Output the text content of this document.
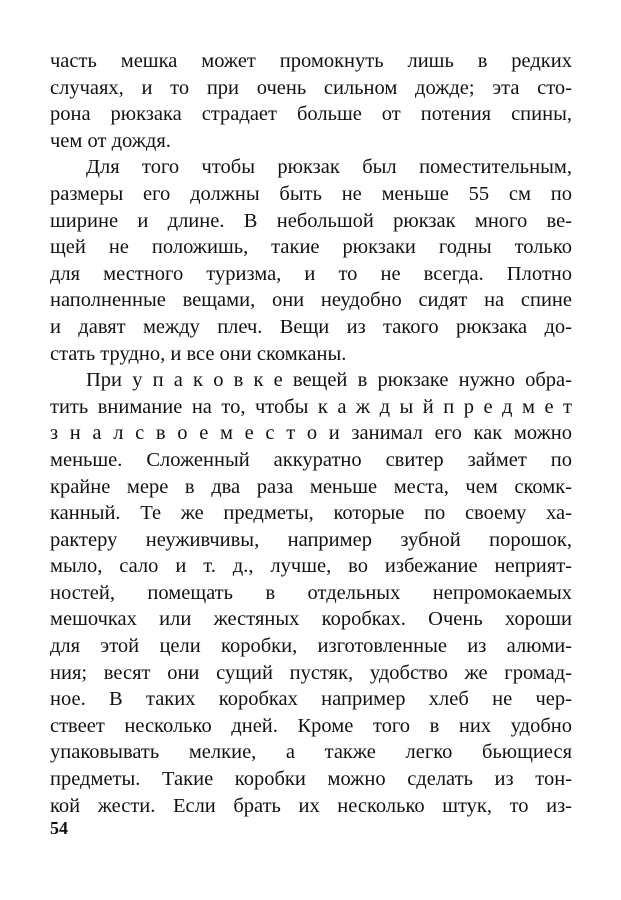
часть мешка может промокнуть лишь в редких
случаях, и то при очень сильном дожде; эта сто-
рона рюкзака страдает больше от потения спины,
чем от дождя.
Для того чтобы рюкзак был поместительным,
размеры его должны быть не меньше 55 см по
ширине и длине. В небольшой рюкзак много ве-
щей не положишь, такие рюкзаки годны только
для местного туризма, и то не всегда. Плотно
наполненные вещами, они неудобно сидят на спине
и давят между плеч. Вещи из такого рюкзака до-
стать трудно, и все они скомканы.
При у п а к о в к е вещей в рюкзаке нужно обра-
тить внимание на то, чтобы к а ж д ы й п р е д м е т
з н а л с в о е м е с т о и занимал его как можно
меньше. Сложенный аккуратно свитер займет по
крайне мере в два раза меньше места, чем скомк-
канный. Те же предметы, которые по своему ха-
рактеру неуживчивы, например зубной порошок,
мыло, сало и т. д., лучше, во избежание неприят-
ностей, помещать в отдельных непромокаемых
мешочках или жестяных коробках. Очень хороши
для этой цели коробки, изготовленные из алюми-
ния; весят они сущий пустяк, удобство же громад-
ное. В таких коробках например хлеб не чер-
ствеет несколько дней. Кроме того в них удобно
упаковывать мелкие, а также легко бьющиеся
предметы. Такие коробки можно сделать из тон-
кой жести. Если брать их несколько штук, то из-
54
